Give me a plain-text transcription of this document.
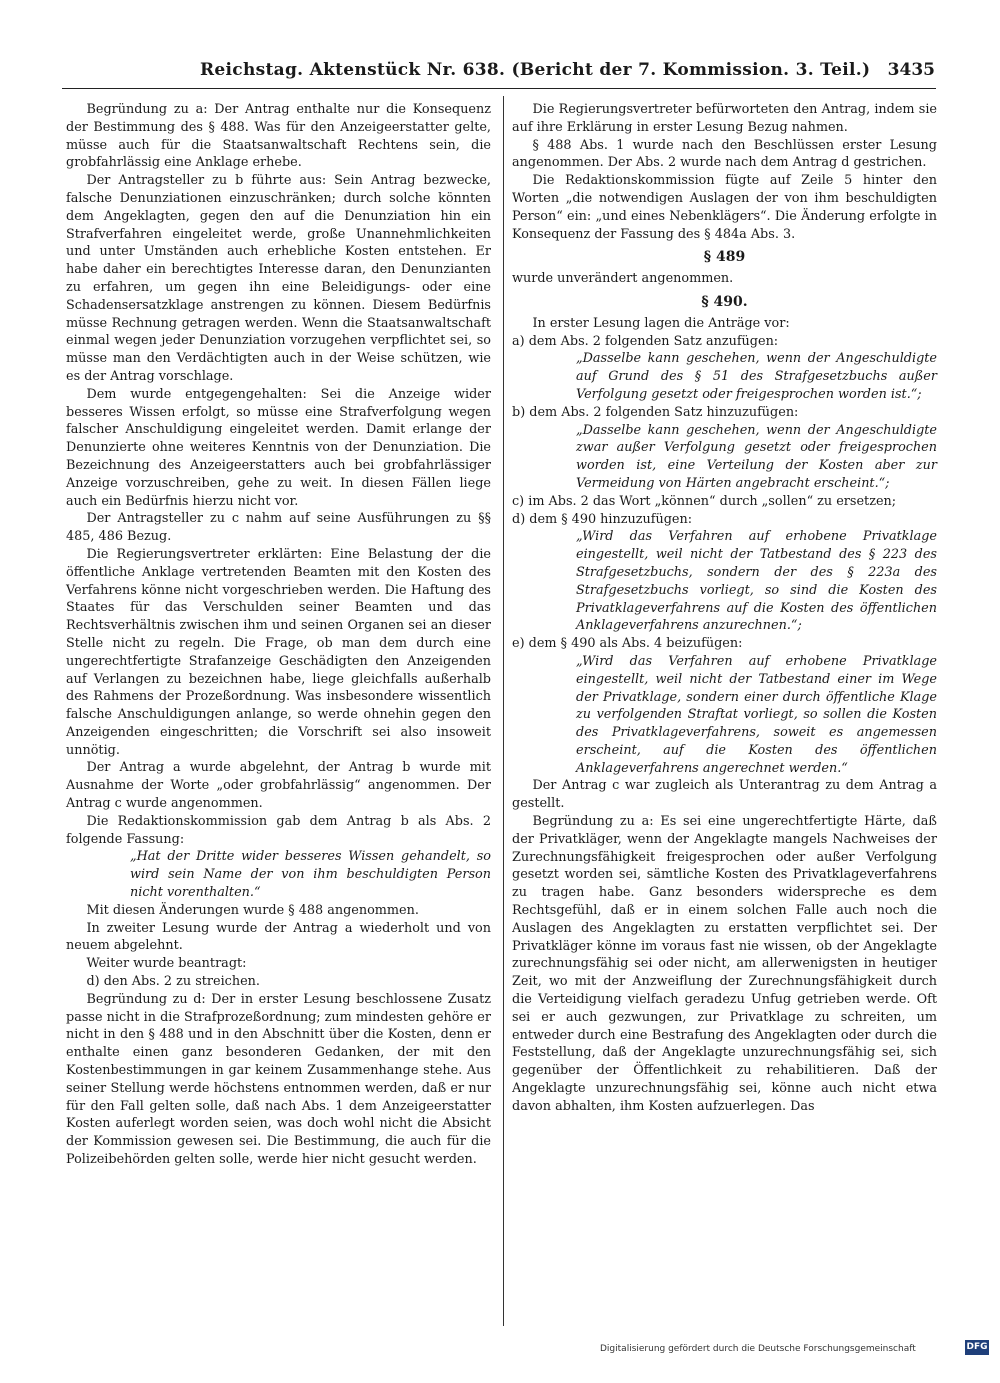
Reichstag. Aktenstück Nr. 638. (Bericht der 7. Kommission. 3. Teil.) 3435

Begründung zu a: Der Antrag enthalte nur die Konsequenz der Bestimmung des § 488. Was für den Anzeigeerstatter gelte, müsse auch für die Staatsanwaltschaft Rechtens sein, die grobfahrlässig eine Anklage erhebe.

Der Antragsteller zu b führte aus: Sein Antrag bezwecke, falsche Denunziationen einzuschränken; durch solche könnten dem Angeklagten, gegen den auf die Denunziation hin ein Strafverfahren eingeleitet werde, große Unannehmlichkeiten und unter Umständen auch erhebliche Kosten entstehen. Er habe daher ein berechtigtes Interesse daran, den Denunzianten zu erfahren, um gegen ihn eine Beleidigungs- oder eine Schadensersatzklage anstrengen zu können. Diesem Bedürfnis müsse Rechnung getragen werden. Wenn die Staatsanwaltschaft einmal wegen jeder Denunziation vorzugehen verpflichtet sei, so müsse man den Verdächtigten auch in der Weise schützen, wie es der Antrag vorschlage.

Dem wurde entgegengehalten: Sei die Anzeige wider besseres Wissen erfolgt, so müsse eine Strafverfolgung wegen falscher Anschuldigung eingeleitet werden. Damit erlange der Denunzierte ohne weiteres Kenntnis von der Denunziation. Die Bezeichnung des Anzeigeerstatters auch bei grobfahrlässiger Anzeige vorzuschreiben, gehe zu weit. In diesen Fällen liege auch ein Bedürfnis hierzu nicht vor.

Der Antragsteller zu c nahm auf seine Ausführungen zu §§ 485, 486 Bezug.

Die Regierungsvertreter erklärten: Eine Belastung der die öffentliche Anklage vertretenden Beamten mit den Kosten des Verfahrens könne nicht vorgeschrieben werden. Die Haftung des Staates für das Verschulden seiner Beamten und das Rechtsverhältnis zwischen ihm und seinen Organen sei an dieser Stelle nicht zu regeln. Die Frage, ob man dem durch eine ungerechtfertigte Strafanzeige Geschädigten den Anzeigenden auf Verlangen zu bezeichnen habe, liege gleichfalls außerhalb des Rahmens der Prozeßordnung. Was insbesondere wissentlich falsche Anschuldigungen anlange, so werde ohnehin gegen den Anzeigenden eingeschritten; die Vorschrift sei also insoweit unnötig.

Der Antrag a wurde abgelehnt, der Antrag b wurde mit Ausnahme der Worte „oder grobfahrlässig“ angenommen. Der Antrag c wurde angenommen.

Die Redaktionskommission gab dem Antrag b als Abs. 2 folgende Fassung:

„Hat der Dritte wider besseres Wissen gehandelt, so wird sein Name der von ihm beschuldigten Person nicht vorenthalten.“

Mit diesen Änderungen wurde § 488 angenommen.

In zweiter Lesung wurde der Antrag a wiederholt und von neuem abgelehnt.

Weiter wurde beantragt:

d) den Abs. 2 zu streichen.

Begründung zu d: Der in erster Lesung beschlossene Zusatz passe nicht in die Strafprozeßordnung; zum mindesten gehöre er nicht in den § 488 und in den Abschnitt über die Kosten, denn er enthalte einen ganz besonderen Gedanken, der mit den Kostenbestimmungen in gar keinem Zusammenhange stehe. Aus seiner Stellung werde höchstens entnommen werden, daß er nur für den Fall gelten solle, daß nach Abs. 1 dem Anzeigeerstatter Kosten auferlegt worden seien, was doch wohl nicht die Absicht der Kommission gewesen sei. Die Bestimmung, die auch für die Polizeibehörden gelten solle, werde hier nicht gesucht werden.

Die Regierungsvertreter befürworteten den Antrag, indem sie auf ihre Erklärung in erster Lesung Bezug nahmen.

§ 488 Abs. 1 wurde nach den Beschlüssen erster Lesung angenommen. Der Abs. 2 wurde nach dem Antrag d gestrichen.

Die Redaktionskommission fügte auf Zeile 5 hinter den Worten „die notwendigen Auslagen der von ihm beschuldigten Person“ ein: „und eines Nebenklägers“. Die Änderung erfolgte in Konsequenz der Fassung des § 484a Abs. 3.

§ 489

wurde unverändert angenommen.

§ 490.

In erster Lesung lagen die Anträge vor:

a) dem Abs. 2 folgenden Satz anzufügen:

„Dasselbe kann geschehen, wenn der Angeschuldigte auf Grund des § 51 des Strafgesetzbuchs außer Verfolgung gesetzt oder freigesprochen worden ist.“;

b) dem Abs. 2 folgenden Satz hinzuzufügen:

„Dasselbe kann geschehen, wenn der Angeschuldigte zwar außer Verfolgung gesetzt oder freigesprochen worden ist, eine Verteilung der Kosten aber zur Vermeidung von Härten angebracht erscheint.“;

c) im Abs. 2 das Wort „können“ durch „sollen“ zu ersetzen;

d) dem § 490 hinzuzufügen:

„Wird das Verfahren auf erhobene Privatklage eingestellt, weil nicht der Tatbestand des § 223 des Strafgesetzbuchs, sondern der des § 223a des Strafgesetzbuchs vorliegt, so sind die Kosten des Privatklageverfahrens auf die Kosten des öffentlichen Anklageverfahrens anzurechnen.“;

e) dem § 490 als Abs. 4 beizufügen:

„Wird das Verfahren auf erhobene Privatklage eingestellt, weil nicht der Tatbestand einer im Wege der Privatklage, sondern einer durch öffentliche Klage zu verfolgenden Straftat vorliegt, so sollen die Kosten des Privatklageverfahrens, soweit es angemessen erscheint, auf die Kosten des öffentlichen Anklageverfahrens angerechnet werden.“

Der Antrag c war zugleich als Unterantrag zu dem Antrag a gestellt.

Begründung zu a: Es sei eine ungerechtfertigte Härte, daß der Privatkläger, wenn der Angeklagte mangels Nachweises der Zurechnungsfähigkeit freigesprochen oder außer Verfolgung gesetzt worden sei, sämtliche Kosten des Privatklageverfahrens zu tragen habe. Ganz besonders widerspreche es dem Rechtsgefühl, daß er in einem solchen Falle auch noch die Auslagen des Angeklagten zu erstatten verpflichtet sei. Der Privatkläger könne im voraus fast nie wissen, ob der Angeklagte zurechnungsfähig sei oder nicht, am allerwenigsten in heutiger Zeit, wo mit der Anzweiflung der Zurechnungsfähigkeit durch die Verteidigung vielfach geradezu Unfug getrieben werde. Oft sei er auch gezwungen, zur Privatklage zu schreiten, um entweder durch eine Bestrafung des Angeklagten oder durch die Feststellung, daß der Angeklagte unzurechnungsfähig sei, sich gegenüber der Öffentlichkeit zu rehabilitieren. Daß der Angeklagte unzurechnungsfähig sei, könne auch nicht etwa davon abhalten, ihm Kosten aufzuerlegen. Das

Digitalisierung gefördert durch die Deutsche Forschungsgemeinschaft	DFG
